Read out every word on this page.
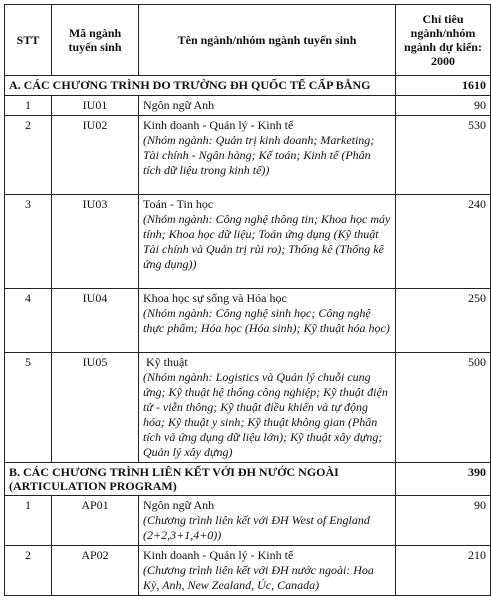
STT	Mã ngành tuyển sinh	Tên ngành/nhóm ngành tuyển sinh	Chỉ tiêu ngành/nhóm ngành dự kiến: 2000
A. CÁC CHƯƠNG TRÌNH DO TRƯỜNG ĐH QUỐC TẾ CẤP BẰNG			1610
1	IU01	Ngôn ngữ Anh	90
2	IU02	Kinh doanh - Quản lý - Kinh tế
(Nhóm ngành: Quản trị kinh doanh; Marketing; Tài chính - Ngân hàng; Kế toán; Kinh tế (Phân tích dữ liệu trong kinh tế))	530
3	IU03	Toán - Tin học
(Nhóm ngành: Công nghệ thông tin; Khoa học máy tính; Khoa học dữ liệu; Toán ứng dụng (Kỹ thuật Tài chính và Quản trị rủi ro); Thống kê (Thống kê ứng dụng))	240
4	IU04	Khoa học sự sống và Hóa học
(Nhóm ngành: Công nghệ sinh học; Công nghệ thực phẩm; Hóa học (Hóa sinh); Kỹ thuật hóa học)	250
5	IU05	Kỹ thuật
(Nhóm ngành: Logistics và Quản lý chuỗi cung ứng; Kỹ thuật hệ thống công nghiệp; Kỹ thuật điện tử - viễn thông; Kỹ thuật điều khiển và tự động hóa; Kỹ thuật y sinh; Kỹ thuật không gian (Phân tích và ứng dụng dữ liệu lớn); Kỹ thuật xây dựng; Quản lý xây dựng)	500
B. CÁC CHƯƠNG TRÌNH LIÊN KẾT VỚI ĐH NƯỚC NGOÀI (ARTICULATION PROGRAM)			390
1	AP01	Ngôn ngữ Anh
(Chương trình liên kết với ĐH West of England (2+2,3+1,4+0))	90
2	AP02	Kinh doanh - Quản lý - Kinh tế
(Chương trình liên kết với ĐH nước ngoài: Hoa Kỳ, Anh, New Zealand, Úc, Canada)	210
